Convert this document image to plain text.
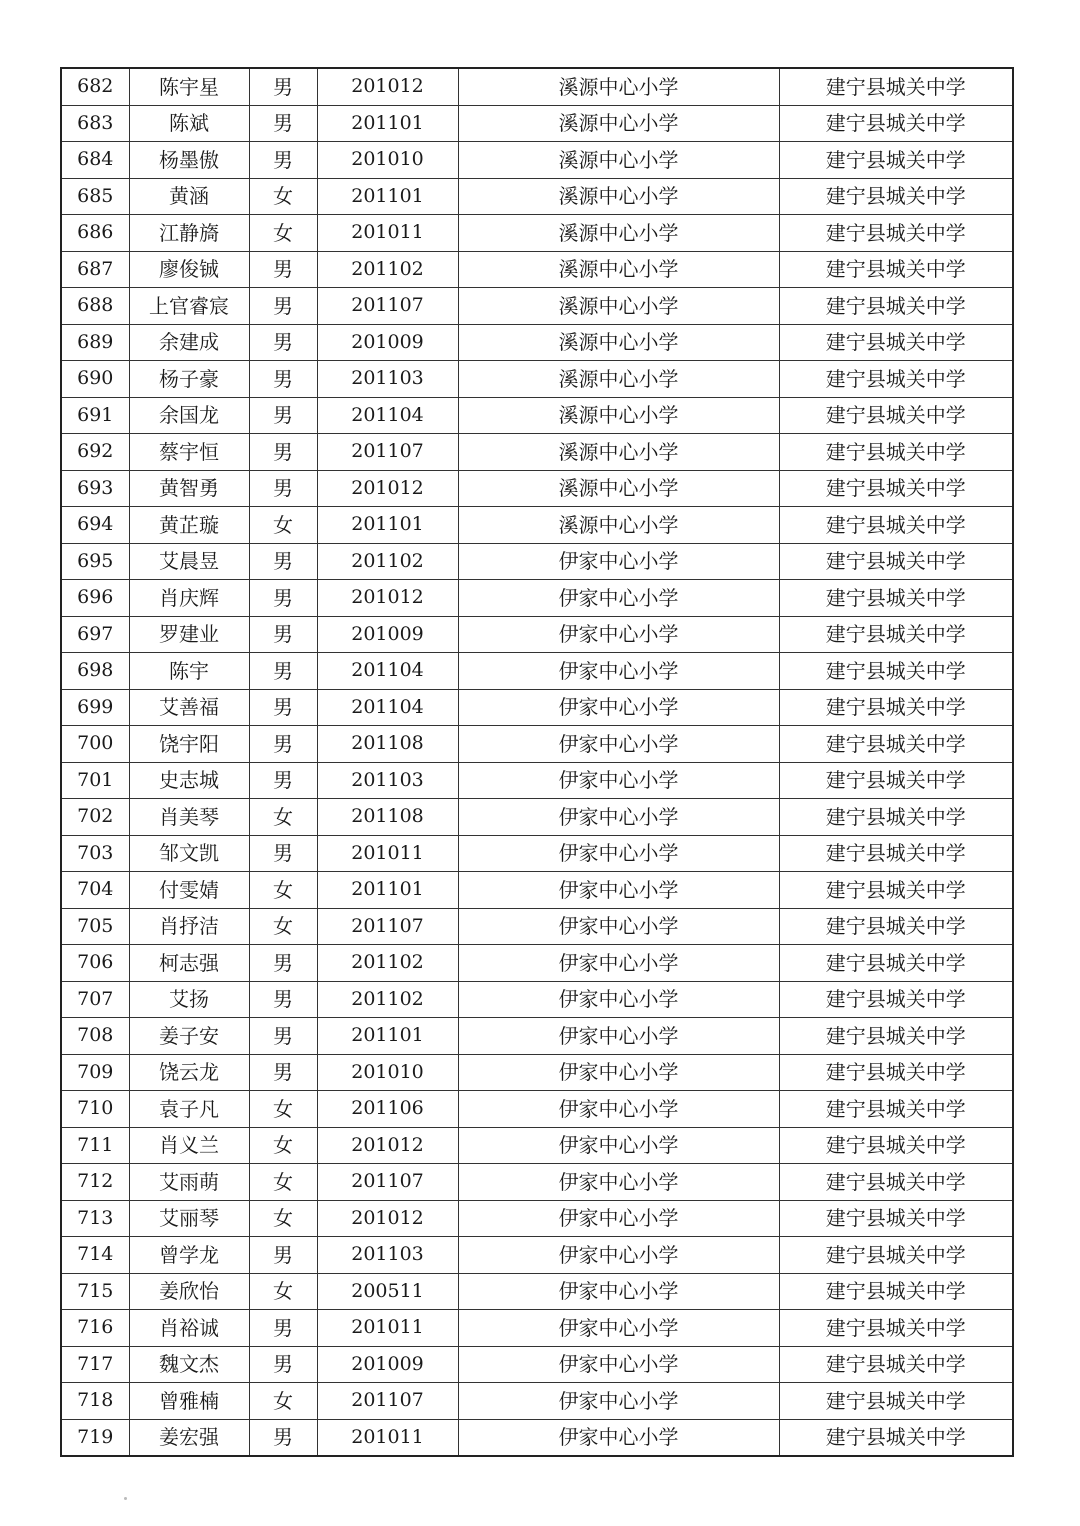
682	陈宇星	男	201012	溪源中心小学	建宁县城关中学
683	陈斌	男	201101	溪源中心小学	建宁县城关中学
684	杨墨傲	男	201010	溪源中心小学	建宁县城关中学
685	黄涵	女	201101	溪源中心小学	建宁县城关中学
686	江静旖	女	201011	溪源中心小学	建宁县城关中学
687	廖俊铖	男	201102	溪源中心小学	建宁县城关中学
688	上官睿宸	男	201107	溪源中心小学	建宁县城关中学
689	余建成	男	201009	溪源中心小学	建宁县城关中学
690	杨子豪	男	201103	溪源中心小学	建宁县城关中学
691	余国龙	男	201104	溪源中心小学	建宁县城关中学
692	蔡宇恒	男	201107	溪源中心小学	建宁县城关中学
693	黄智勇	男	201012	溪源中心小学	建宁县城关中学
694	黄芷璇	女	201101	溪源中心小学	建宁县城关中学
695	艾晨昱	男	201102	伊家中心小学	建宁县城关中学
696	肖庆辉	男	201012	伊家中心小学	建宁县城关中学
697	罗建业	男	201009	伊家中心小学	建宁县城关中学
698	陈宇	男	201104	伊家中心小学	建宁县城关中学
699	艾善福	男	201104	伊家中心小学	建宁县城关中学
700	饶宇阳	男	201108	伊家中心小学	建宁县城关中学
701	史志城	男	201103	伊家中心小学	建宁县城关中学
702	肖美琴	女	201108	伊家中心小学	建宁县城关中学
703	邹文凯	男	201011	伊家中心小学	建宁县城关中学
704	付雯婧	女	201101	伊家中心小学	建宁县城关中学
705	肖抒洁	女	201107	伊家中心小学	建宁县城关中学
706	柯志强	男	201102	伊家中心小学	建宁县城关中学
707	艾扬	男	201102	伊家中心小学	建宁县城关中学
708	姜子安	男	201101	伊家中心小学	建宁县城关中学
709	饶云龙	男	201010	伊家中心小学	建宁县城关中学
710	袁子凡	女	201106	伊家中心小学	建宁县城关中学
711	肖义兰	女	201012	伊家中心小学	建宁县城关中学
712	艾雨萌	女	201107	伊家中心小学	建宁县城关中学
713	艾丽琴	女	201012	伊家中心小学	建宁县城关中学
714	曾学龙	男	201103	伊家中心小学	建宁县城关中学
715	姜欣怡	女	200511	伊家中心小学	建宁县城关中学
716	肖裕诚	男	201011	伊家中心小学	建宁县城关中学
717	魏文杰	男	201009	伊家中心小学	建宁县城关中学
718	曾雅楠	女	201107	伊家中心小学	建宁县城关中学
719	姜宏强	男	201011	伊家中心小学	建宁县城关中学
